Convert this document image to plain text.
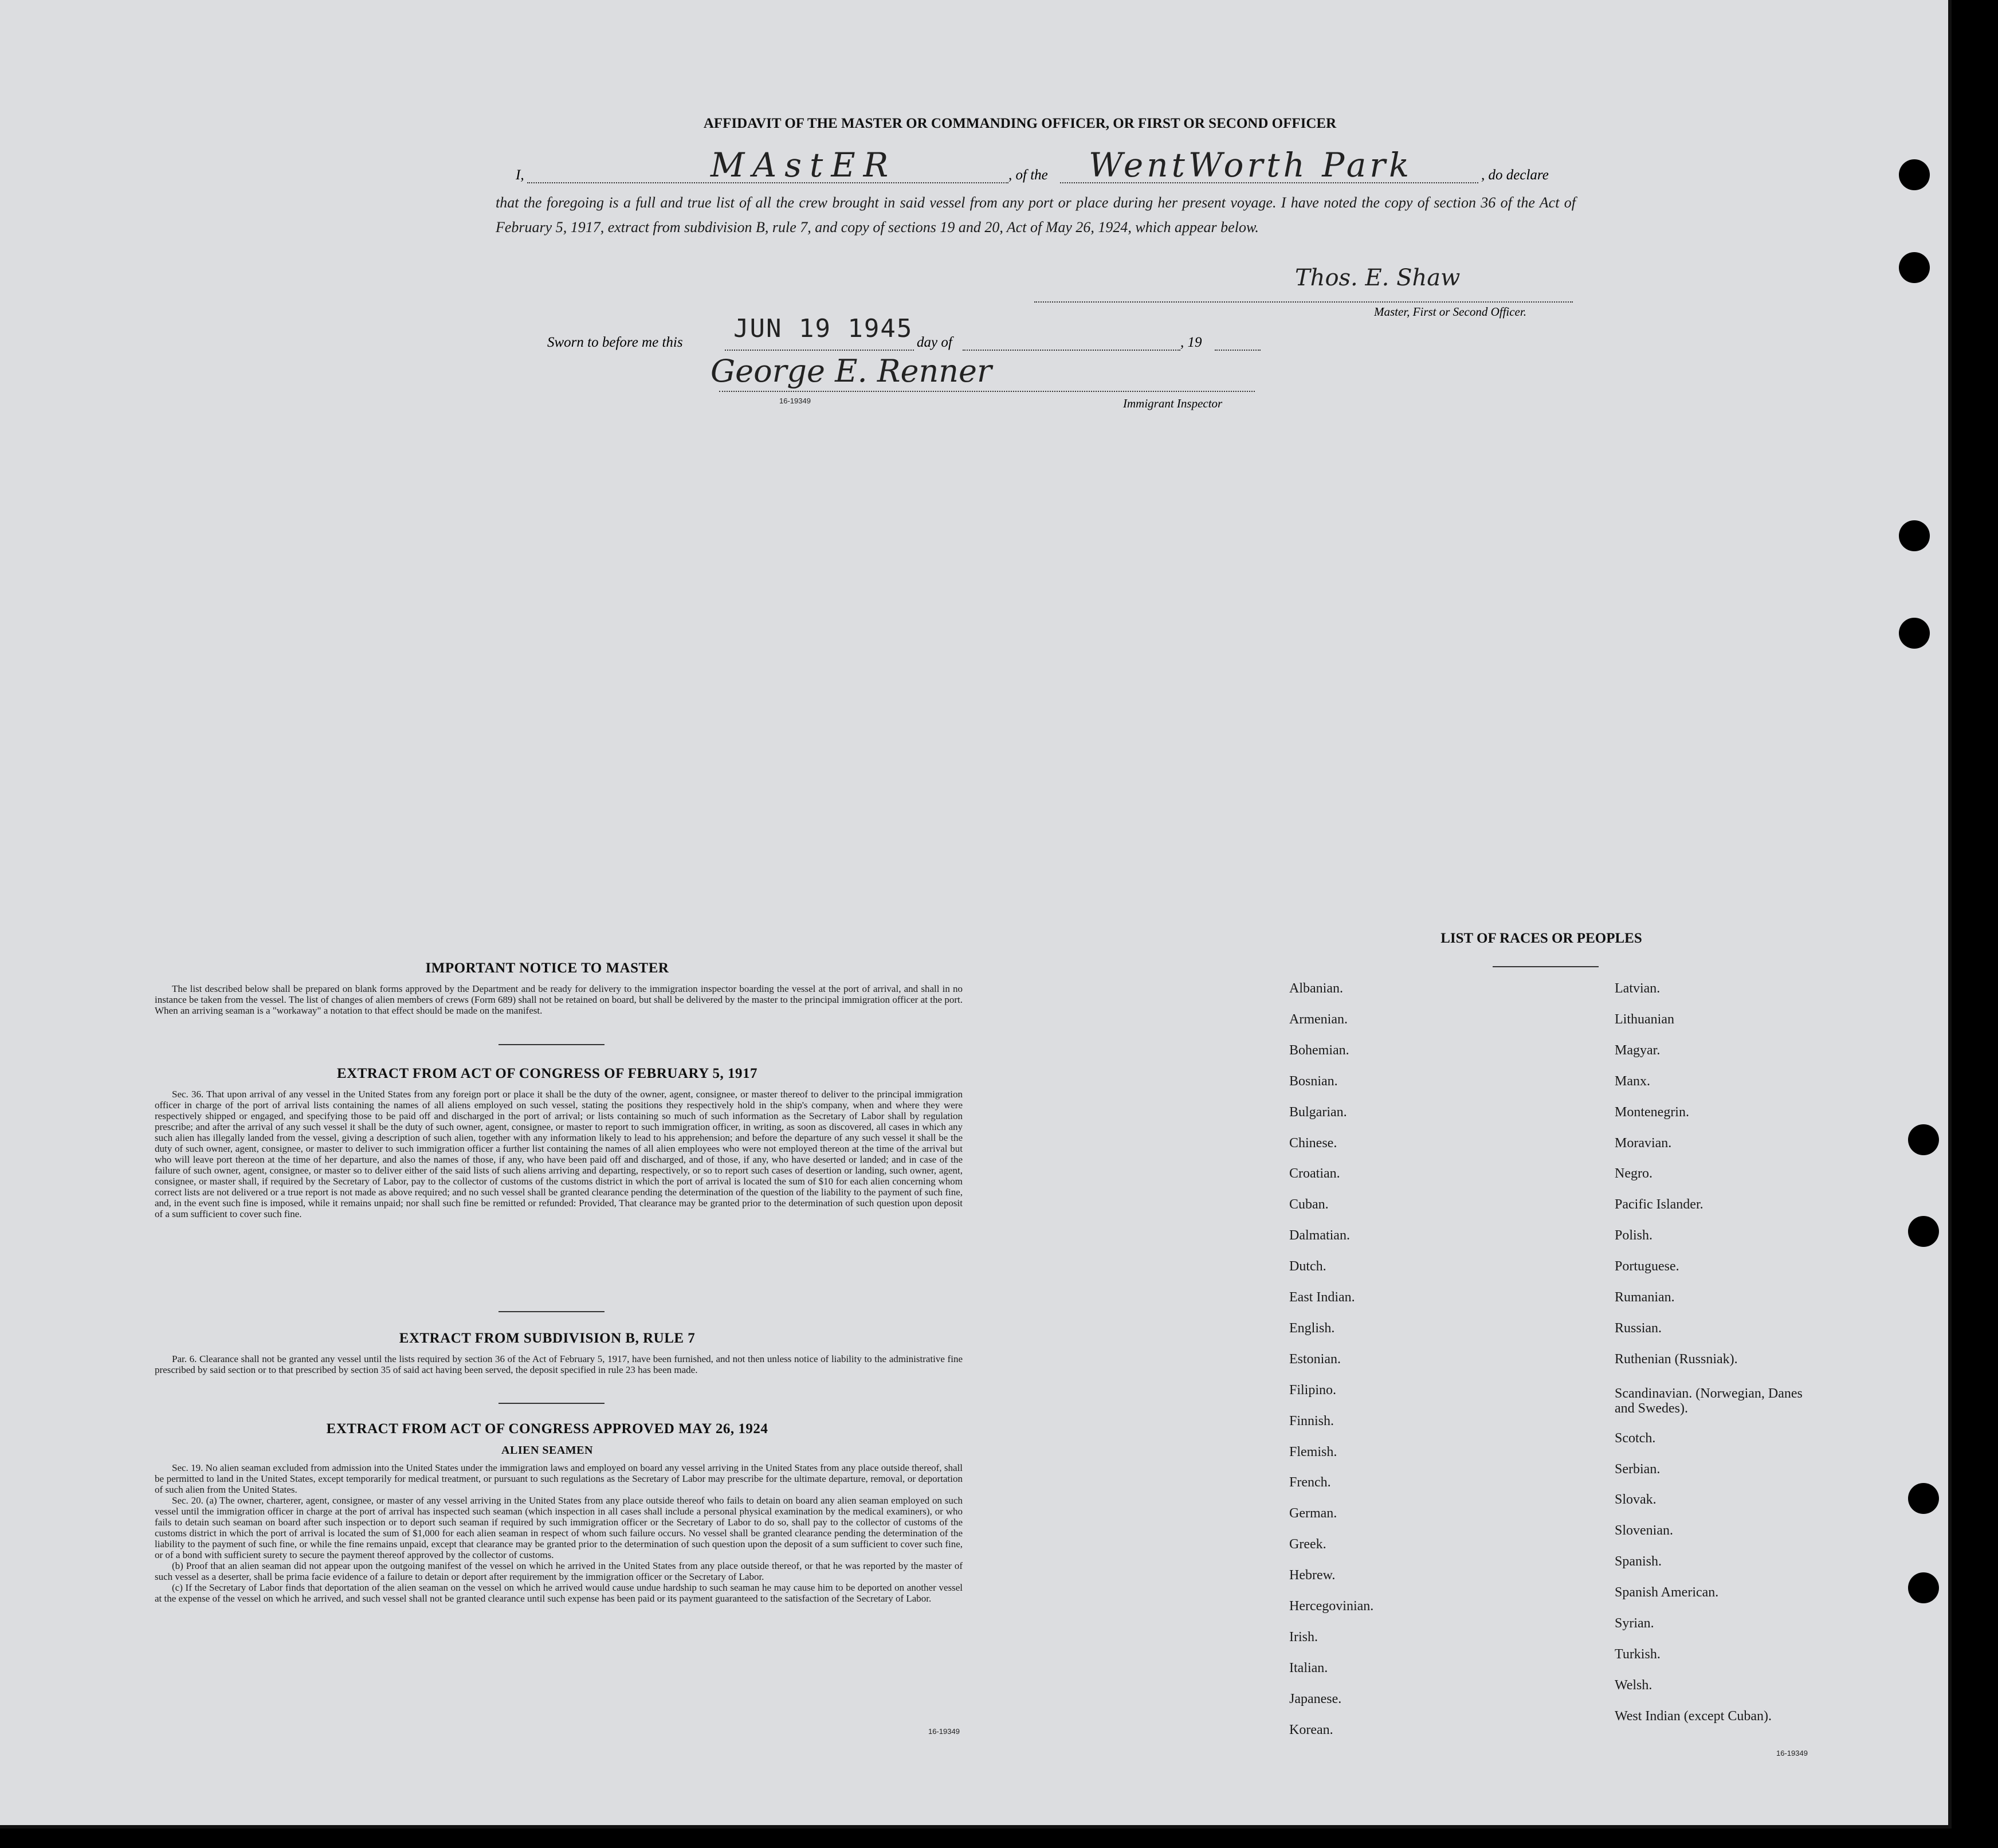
AFFIDAVIT OF THE MASTER OR COMMANDING OFFICER, OR FIRST OR SECOND OFFICER
I,	MAstER	, of the WentWorth Park	, do declare
that the foregoing is a full and true list of all the crew brought in said vessel from any port or place during her present voyage. I have noted the copy of section 36 of the Act of February 5, 1917, extract from subdivision B, rule 7, and copy of sections 19 and 20, Act of May 26, 1924, which appear below.
Thos. E. Shaw
Master, First or Second Officer.
Sworn to before me this JUN 19 1945 day of	, 19
George E. Renner
16-19349	Immigrant Inspector
IMPORTANT NOTICE TO MASTER
The list described below shall be prepared on blank forms approved by the Department and be ready for delivery to the immigration inspector boarding the vessel at the port of arrival, and shall in no instance be taken from the vessel. The list of changes of alien members of crews (Form 689) shall not be retained on board, but shall be delivered by the master to the principal immigration officer at the port. When an arriving seaman is a "workaway" a notation to that effect should be made on the manifest.
EXTRACT FROM ACT OF CONGRESS OF FEBRUARY 5, 1917
Sec. 36. That upon arrival of any vessel in the United States from any foreign port or place it shall be the duty of the owner, agent, consignee, or master thereof to deliver to the principal immigration officer in charge of the port of arrival lists containing the names of all aliens employed on such vessel, stating the positions they respectively hold in the ship's company, when and where they were respectively shipped or engaged, and specifying those to be paid off and discharged in the port of arrival; or lists containing so much of such information as the Secretary of Labor shall by regulation prescribe; and after the arrival of any such vessel it shall be the duty of such owner, agent, consignee, or master to report to such immigration officer, in writing, as soon as discovered, all cases in which any such alien has illegally landed from the vessel, giving a description of such alien, together with any information likely to lead to his apprehension; and before the departure of any such vessel it shall be the duty of such owner, agent, consignee, or master to deliver to such immigration officer a further list containing the names of all alien employees who were not employed thereon at the time of the arrival but who will leave port thereon at the time of her departure, and also the names of those, if any, who have been paid off and discharged, and of those, if any, who have deserted or landed; and in case of the failure of such owner, agent, consignee, or master so to deliver either of the said lists of such aliens arriving and departing, respectively, or so to report such cases of desertion or landing, such owner, agent, consignee, or master shall, if required by the Secretary of Labor, pay to the collector of customs of the customs district in which the port of arrival is located the sum of $10 for each alien concerning whom correct lists are not delivered or a true report is not made as above required; and no such vessel shall be granted clearance pending the determination of the question of the liability to the payment of such fine, and, in the event such fine is imposed, while it remains unpaid; nor shall such fine be remitted or refunded: Provided, That clearance may be granted prior to the determination of such question upon deposit of a sum sufficient to cover such fine.
EXTRACT FROM SUBDIVISION B, RULE 7
Par. 6. Clearance shall not be granted any vessel until the lists required by section 36 of the Act of February 5, 1917, have been furnished, and not then unless notice of liability to the administrative fine prescribed by said section or to that prescribed by section 35 of said act having been served, the deposit specified in rule 23 has been made.
EXTRACT FROM ACT OF CONGRESS APPROVED MAY 26, 1924
ALIEN SEAMEN
Sec. 19. No alien seaman excluded from admission into the United States under the immigration laws and employed on board any vessel arriving in the United States from any place outside thereof, shall be permitted to land in the United States, except temporarily for medical treatment, or pursuant to such regulations as the Secretary of Labor may prescribe for the ultimate departure, removal, or deportation of such alien from the United States.
Sec. 20. (a) The owner, charterer, agent, consignee, or master of any vessel arriving in the United States from any place outside thereof who fails to detain on board any alien seaman employed on such vessel until the immigration officer in charge at the port of arrival has inspected such seaman (which inspection in all cases shall include a personal physical examination by the medical examiners), or who fails to detain such seaman on board after such inspection or to deport such seaman if required by such immigration officer or the Secretary of Labor to do so, shall pay to the collector of customs of the customs district in which the port of arrival is located the sum of $1,000 for each alien seaman in respect of whom such failure occurs. No vessel shall be granted clearance pending the determination of the liability to the payment of such fine, or while the fine remains unpaid, except that clearance may be granted prior to the determination of such question upon the deposit of a sum sufficient to cover such fine, or of a bond with sufficient surety to secure the payment thereof approved by the collector of customs.
(b) Proof that an alien seaman did not appear upon the outgoing manifest of the vessel on which he arrived in the United States from any place outside thereof, or that he was reported by the master of such vessel as a deserter, shall be prima facie evidence of a failure to detain or deport after requirement by the immigration officer or the Secretary of Labor.
(c) If the Secretary of Labor finds that deportation of the alien seaman on the vessel on which he arrived would cause undue hardship to such seaman he may cause him to be deported on another vessel at the expense of the vessel on which he arrived, and such vessel shall not be granted clearance until such expense has been paid or its payment guaranteed to the satisfaction of the Secretary of Labor.
16-19349
LIST OF RACES OR PEOPLES
16-19349
Albanian.
Armenian.
Bohemian.
Bosnian.
Bulgarian.
Chinese.
Croatian.
Cuban.
Dalmatian.
Dutch.
East Indian.
English.
Estonian.
Filipino.
Finnish.
Flemish.
French.
German.
Greek.
Hebrew.
Hercegovinian.
Irish.
Italian.
Japanese.
Korean.
Latvian.
Lithuanian
Magyar.
Manx.
Montenegrin.
Moravian.
Negro.
Pacific Islander.
Polish.
Portuguese.
Rumanian.
Russian.
Ruthenian (Russniak).
Scandinavian. (Norwegian, Danes and Swedes).
Scotch.
Serbian.
Slovak.
Slovenian.
Spanish.
Spanish American.
Syrian.
Turkish.
Welsh.
West Indian (except Cuban).
